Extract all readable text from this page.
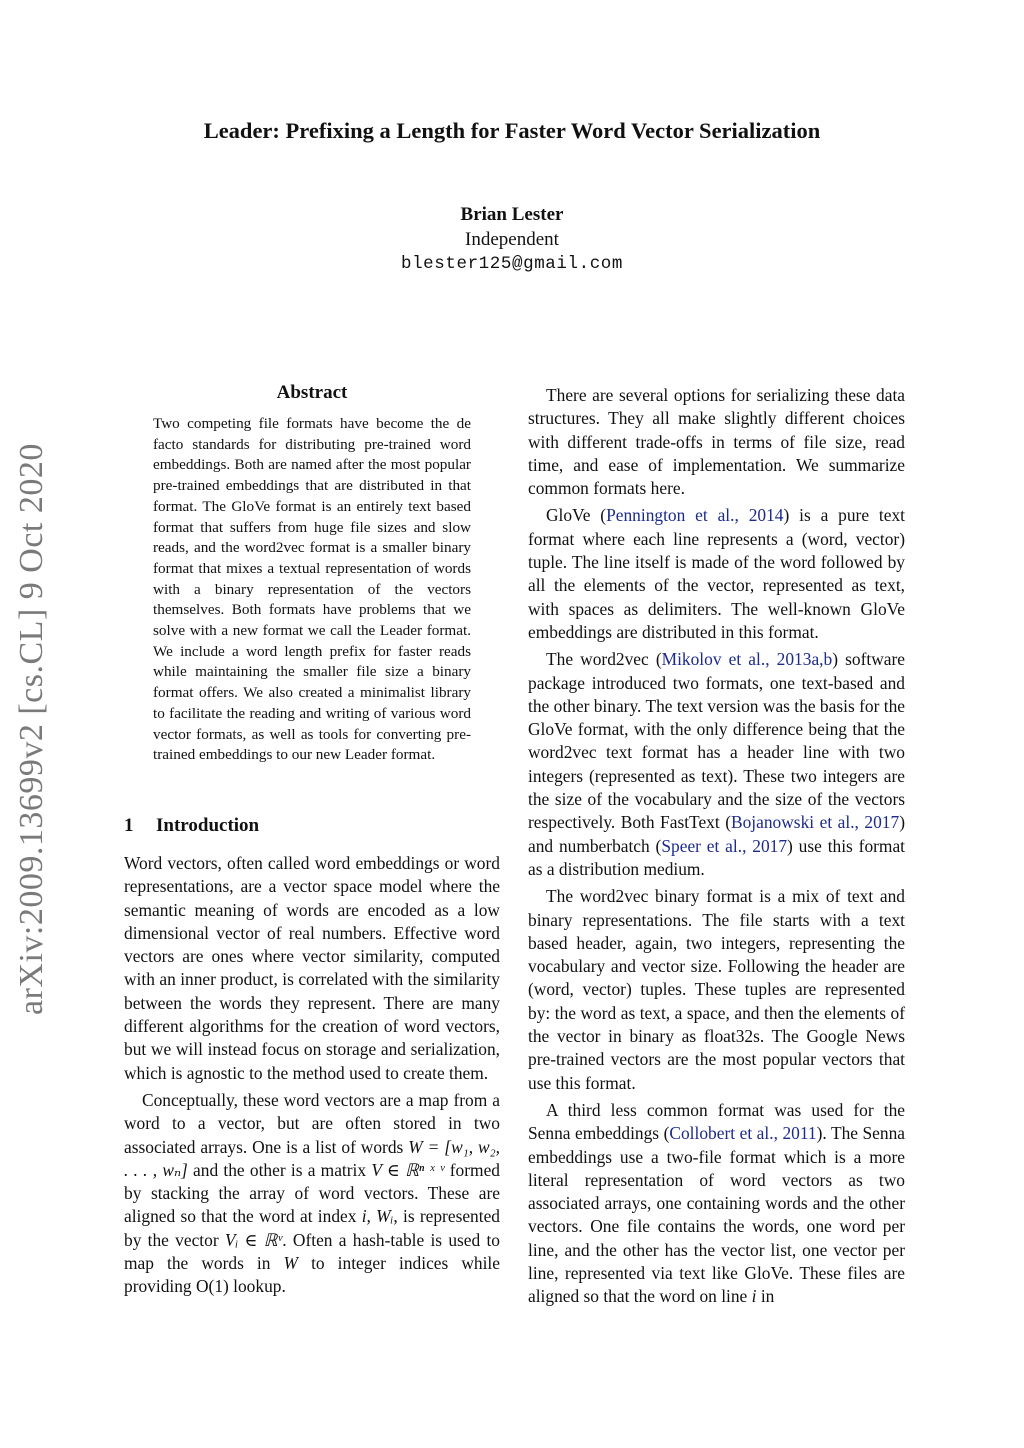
arXiv:2009.13699v2 [cs.CL] 9 Oct 2020
Leader: Prefixing a Length for Faster Word Vector Serialization
Brian Lester
Independent
blester125@gmail.com
Abstract
Two competing file formats have become the de facto standards for distributing pre-trained word embeddings. Both are named after the most popular pre-trained embeddings that are distributed in that format. The GloVe format is an entirely text based format that suffers from huge file sizes and slow reads, and the word2vec format is a smaller binary format that mixes a textual representation of words with a binary representation of the vectors themselves. Both formats have problems that we solve with a new format we call the Leader format. We include a word length prefix for faster reads while maintaining the smaller file size a binary format offers. We also created a minimalist library to facilitate the reading and writing of various word vector formats, as well as tools for converting pre-trained embeddings to our new Leader format.
1 Introduction

Word vectors, often called word embeddings or word representations, are a vector space model where the semantic meaning of words are encoded as a low dimensional vector of real numbers. Effective word vectors are ones where vector similarity, computed with an inner product, is correlated with the similarity between the words they represent. There are many different algorithms for the creation of word vectors, but we will instead focus on storage and serialization, which is agnostic to the method used to create them.

Conceptually, these word vectors are a map from a word to a vector, but are often stored in two associated arrays. One is a list of words W = [w₁, w₂, . . . , wₙ] and the other is a matrix V ∈ ℝⁿ ˣ ᵛ formed by stacking the array of word vectors. These are aligned so that the word at index i, Wᵢ, is represented by the vector Vᵢ ∈ ℝᵛ. Often a hash-table is used to map the words in W to integer indices while providing O(1) lookup.

There are several options for serializing these data structures. They all make slightly different choices with different trade-offs in terms of file size, read time, and ease of implementation. We summarize common formats here.

GloVe (Pennington et al., 2014) is a pure text format where each line represents a (word, vector) tuple. The line itself is made of the word followed by all the elements of the vector, represented as text, with spaces as delimiters. The well-known GloVe embeddings are distributed in this format.

The word2vec (Mikolov et al., 2013a,b) software package introduced two formats, one text-based and the other binary. The text version was the basis for the GloVe format, with the only difference being that the word2vec text format has a header line with two integers (represented as text). These two integers are the size of the vocabulary and the size of the vectors respectively. Both FastText (Bojanowski et al., 2017) and numberbatch (Speer et al., 2017) use this format as a distribution medium.

The word2vec binary format is a mix of text and binary representations. The file starts with a text based header, again, two integers, representing the vocabulary and vector size. Following the header are (word, vector) tuples. These tuples are represented by: the word as text, a space, and then the elements of the vector in binary as float32s. The Google News pre-trained vectors are the most popular vectors that use this format.

A third less common format was used for the Senna embeddings (Collobert et al., 2011). The Senna embeddings use a two-file format which is a more literal representation of word vectors as two associated arrays, one containing words and the other vectors. One file contains the words, one word per line, and the other has the vector list, one vector per line, represented via text like GloVe. These files are aligned so that the word on line i in
